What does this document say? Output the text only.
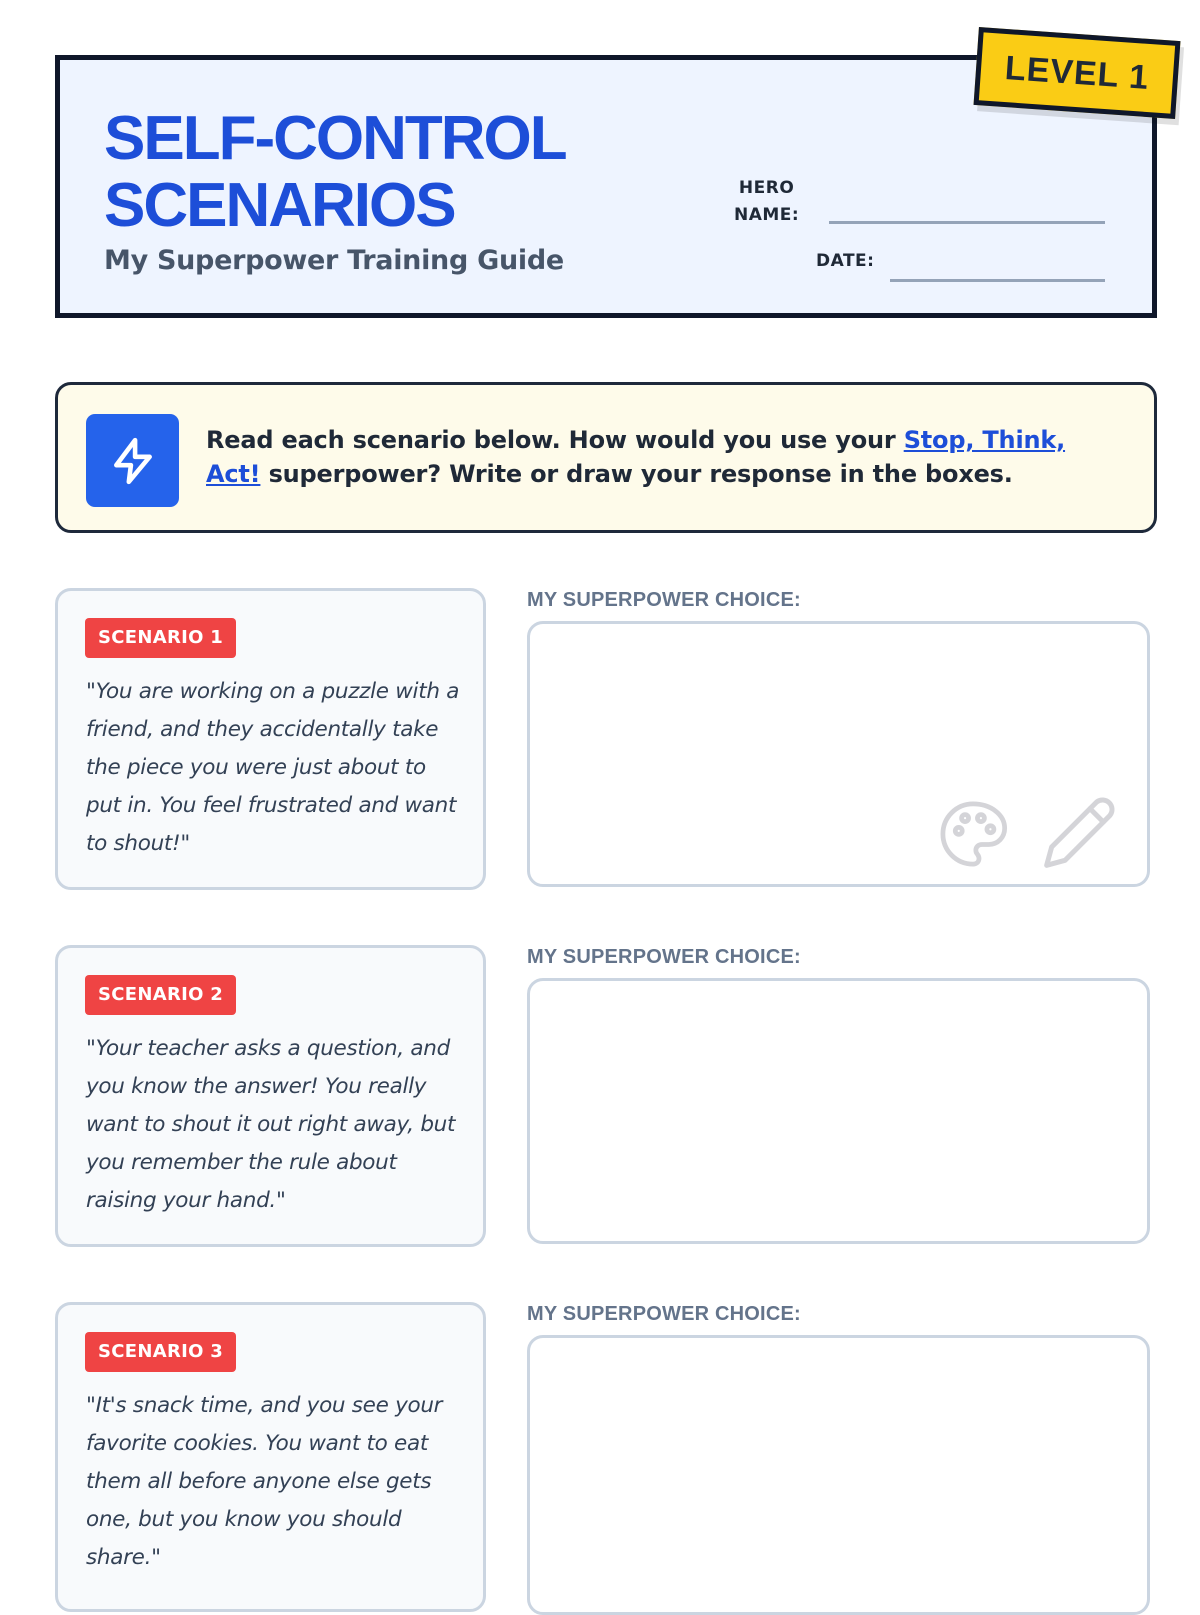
SELF-CONTROL
SCENARIOS
My Superpower Training Guide
HERO
NAME:
DATE:
LEVEL 1
Read each scenario below. How would you use your Stop, Think, Act! superpower? Write or draw your response in the boxes.
SCENARIO 1
"You are working on a puzzle with a friend, and they accidentally take the piece you were just about to put in. You feel frustrated and want to shout!"
MY SUPERPOWER CHOICE:
SCENARIO 2
"Your teacher asks a question, and you know the answer! You really want to shout it out right away, but you remember the rule about raising your hand."
MY SUPERPOWER CHOICE:
SCENARIO 3
"It's snack time, and you see your favorite cookies. You want to eat them all before anyone else gets one, but you know you should share."
MY SUPERPOWER CHOICE:
